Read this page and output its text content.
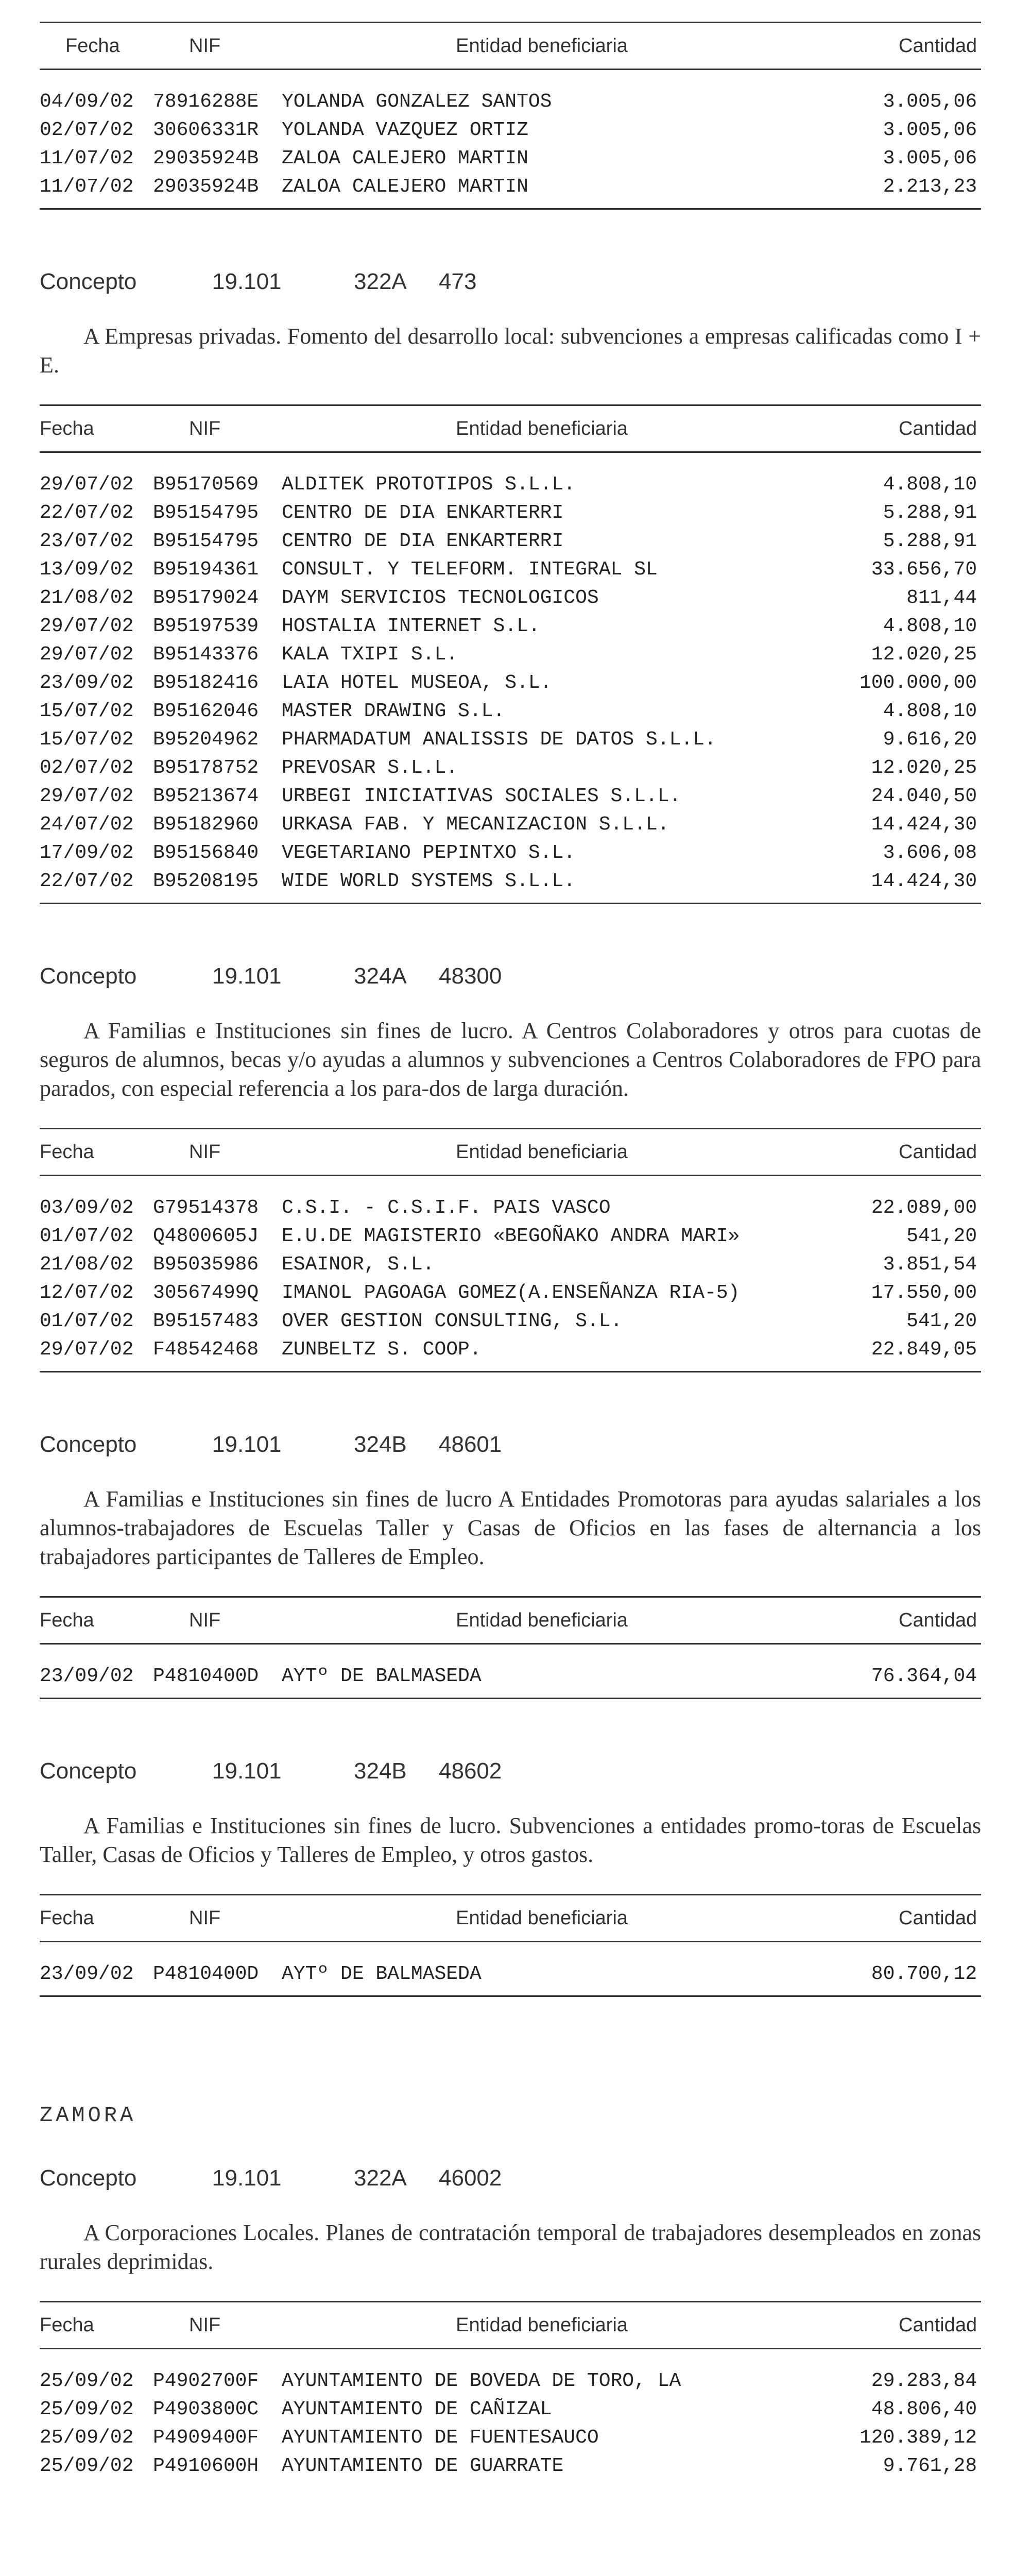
Fecha	NIF	Entidad beneficiaria	Cantidad
04/09/02 78916288E	YOLANDA GONZALEZ SANTOS	3.005,06
02/07/02 30606331R	YOLANDA VAZQUEZ ORTIZ	3.005,06
11/07/02 29035924B	ZALOA CALEJERO MARTIN	3.005,06
11/07/02 29035924B	ZALOA CALEJERO MARTIN	2.213,23
Concepto	19.101	322A	473

A Empresas privadas. Fomento del desarrollo local: subvenciones a empresas calificadas como I + E.

Fecha	NIF	Entidad beneficiaria	Cantidad
29/07/02 B95170569	ALDITEK PROTOTIPOS S.L.L.	4.808,10
22/07/02 B95154795	CENTRO DE DIA ENKARTERRI	5.288,91
23/07/02 B95154795	CENTRO DE DIA ENKARTERRI	5.288,91
13/09/02 B95194361	CONSULT. Y TELEFORM. INTEGRAL SL	33.656,70
21/08/02 B95179024	DAYM SERVICIOS TECNOLOGICOS	811,44
29/07/02 B95197539	HOSTALIA INTERNET S.L.	4.808,10
29/07/02 B95143376	KALA TXIPI S.L.	12.020,25
23/09/02 B95182416	LAIA HOTEL MUSEOA, S.L.	100.000,00
15/07/02 B95162046	MASTER DRAWING S.L.	4.808,10
15/07/02 B95204962	PHARMADATUM ANALISSIS DE DATOS S.L.L.	9.616,20
02/07/02 B95178752	PREVOSAR S.L.L.	12.020,25
29/07/02 B95213674	URBEGI INICIATIVAS SOCIALES S.L.L.	24.040,50
24/07/02 B95182960	URKASA FAB. Y MECANIZACION S.L.L.	14.424,30
17/09/02 B95156840	VEGETARIANO PEPINTXO S.L.	3.606,08
22/07/02 B95208195	WIDE WORLD SYSTEMS S.L.L.	14.424,30
Concepto	19.101	324A	48300

A Familias e Instituciones sin fines de lucro. A Centros Colaboradores y otros para cuotas de seguros de alumnos, becas y/o ayudas a alumnos y subvenciones a Centros Colaboradores de FPO para parados, con especial referencia a los para-dos de larga duración.

Fecha	NIF	Entidad beneficiaria	Cantidad
03/09/02 G79514378	C.S.I. - C.S.I.F. PAIS VASCO	22.089,00
01/07/02 Q4800605J	E.U.DE MAGISTERIO «BEGOÑAKO ANDRA MARI»	541,20
21/08/02 B95035986	ESAINOR, S.L.	3.851,54
12/07/02 30567499Q	IMANOL PAGOAGA GOMEZ(A.ENSEÑANZA RIA-5)	17.550,00
01/07/02 B95157483	OVER GESTION CONSULTING, S.L.	541,20
29/07/02 F48542468	ZUNBELTZ S. COOP.	22.849,05
Concepto	19.101	324B	48601

A Familias e Instituciones sin fines de lucro A Entidades Promotoras para ayudas salariales a los alumnos-trabajadores de Escuelas Taller y Casas de Oficios en las fases de alternancia a los trabajadores participantes de Talleres de Empleo.

Fecha	NIF	Entidad beneficiaria	Cantidad
23/09/02 P4810400D	AYTº DE BALMASEDA	76.364,04
Concepto	19.101	324B	48602

A Familias e Instituciones sin fines de lucro. Subvenciones a entidades promo-toras de Escuelas Taller, Casas de Oficios y Talleres de Empleo, y otros gastos.

Fecha	NIF	Entidad beneficiaria	Cantidad
23/09/02 P4810400D	AYTº DE BALMASEDA	80.700,12
ZAMORA
Concepto	19.101	322A	46002

A Corporaciones Locales. Planes de contratación temporal de trabajadores desempleados en zonas rurales deprimidas.

Fecha	NIF	Entidad beneficiaria	Cantidad
25/09/02 P4902700F	AYUNTAMIENTO DE BOVEDA DE TORO, LA	29.283,84
25/09/02 P4903800C	AYUNTAMIENTO DE CAÑIZAL	48.806,40
25/09/02 P4909400F	AYUNTAMIENTO DE FUENTESAUCO	120.389,12
25/09/02 P4910600H	AYUNTAMIENTO DE GUARRATE	9.761,28
